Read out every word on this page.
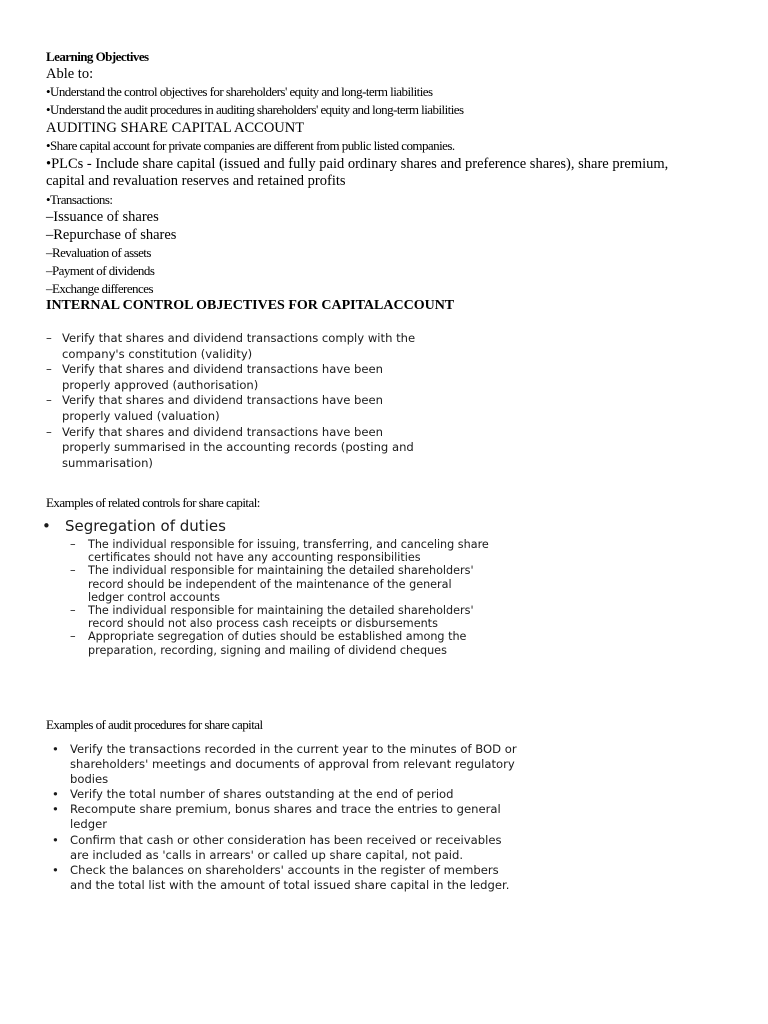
Learning Objectives
Able to:
•Understand the control objectives for shareholders' equity and long-term liabilities
•Understand the audit procedures in auditing shareholders' equity and long-term liabilities
AUDITING SHARE CAPITAL ACCOUNT
•Share capital account for private companies are different from public listed companies.
•PLCs - Include share capital (issued and fully paid ordinary shares and preference shares), share premium,
capital and revaluation reserves and retained profits
•Transactions:
–Issuance of shares
–Repurchase of shares
–Revaluation of assets
–Payment of dividends
–Exchange differences
INTERNAL CONTROL OBJECTIVES FOR CAPITALACCOUNT
– Verify that shares and dividend transactions comply with the company's constitution (validity)
– Verify that shares and dividend transactions have been properly approved (authorisation)
– Verify that shares and dividend transactions have been properly valued (valuation)
– Verify that shares and dividend transactions have been properly summarised in the accounting records (posting and summarisation)
Examples of related controls for share capital:
• Segregation of duties
–	The individual responsible for issuing, transferring, and canceling share certificates should not have any accounting responsibilities
–	The individual responsible for maintaining the detailed shareholders' record should be independent of the maintenance of the general ledger control accounts
–	The individual responsible for maintaining the detailed shareholders' record should not also process cash receipts or disbursements
–	Appropriate segregation of duties should be established among the preparation, recording, signing and mailing of dividend cheques
Examples of audit procedures for share capital
• Verify the transactions recorded in the current year to the minutes of BOD or shareholders' meetings and documents of approval from relevant regulatory bodies
• Verify the total number of shares outstanding at the end of period
• Recompute share premium, bonus shares and trace the entries to general ledger
• Confirm that cash or other consideration has been received or receivables are included as 'calls in arrears' or called up share capital, not paid.
• Check the balances on shareholders' accounts in the register of members and the total list with the amount of total issued share capital in the ledger.
